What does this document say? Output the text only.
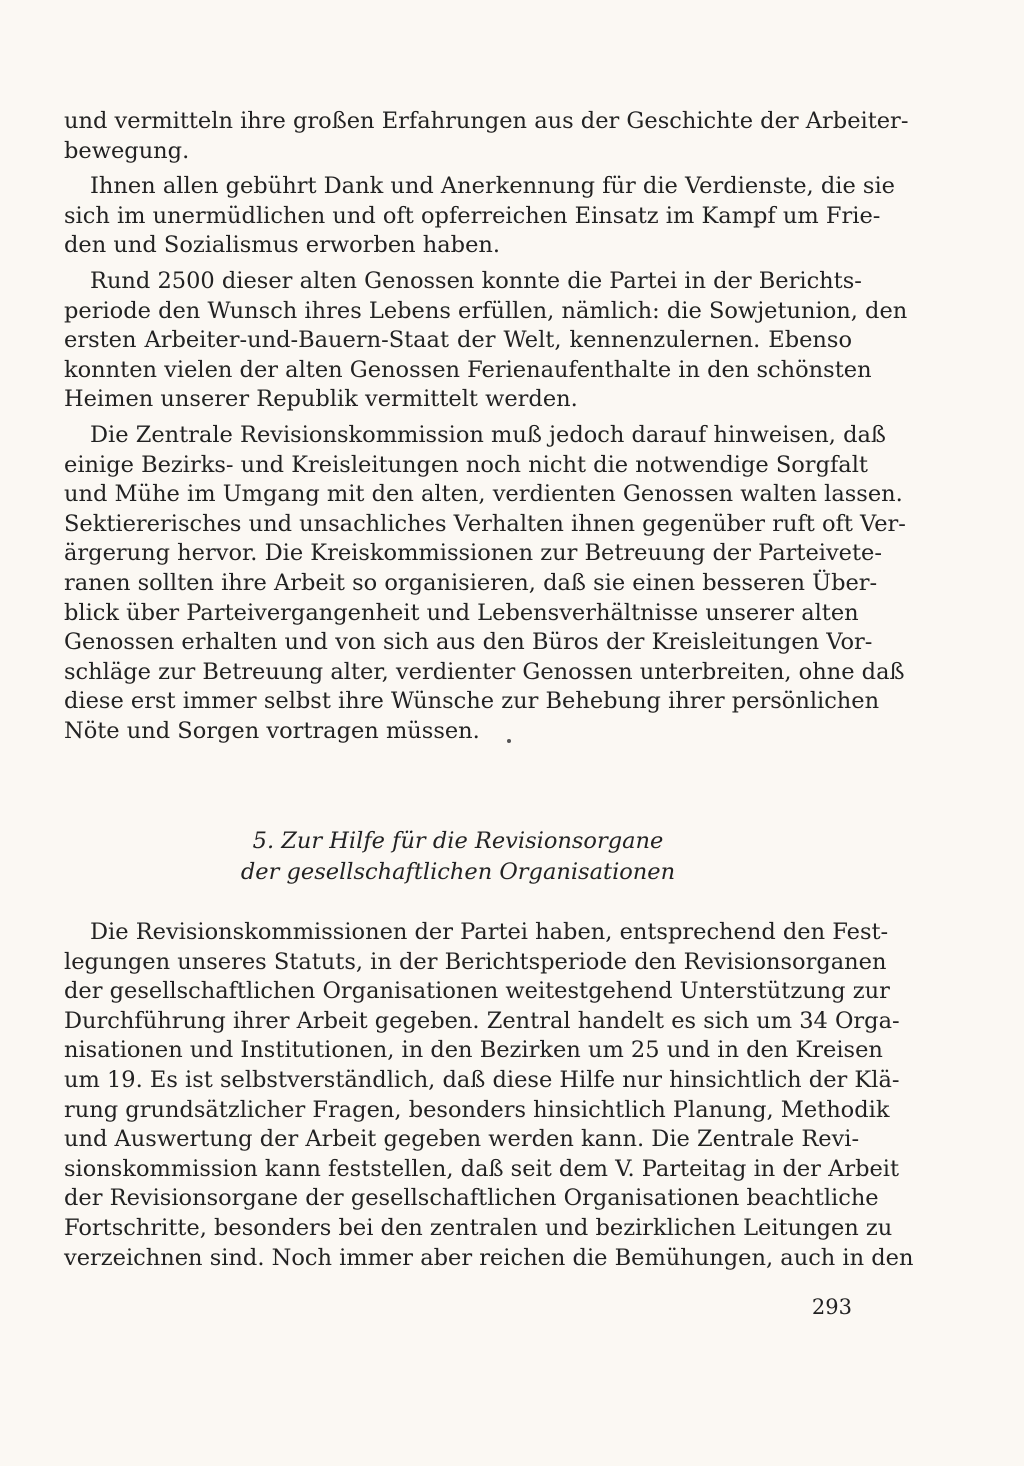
und vermitteln ihre großen Erfahrungen aus der Geschichte der Arbeiter-
bewegung.
Ihnen allen gebührt Dank und Anerkennung für die Verdienste, die sie
sich im unermüdlichen und oft opferreichen Einsatz im Kampf um Frie-
den und Sozialismus erworben haben.
Rund 2500 dieser alten Genossen konnte die Partei in der Berichts-
periode den Wunsch ihres Lebens erfüllen, nämlich: die Sowjetunion, den
ersten Arbeiter-und-Bauern-Staat der Welt, kennenzulernen. Ebenso
konnten vielen der alten Genossen Ferienaufenthalte in den schönsten
Heimen unserer Republik vermittelt werden.
Die Zentrale Revisionskommission muß jedoch darauf hinweisen, daß
einige Bezirks- und Kreisleitungen noch nicht die notwendige Sorgfalt
und Mühe im Umgang mit den alten, verdienten Genossen walten lassen.
Sektiererisches und unsachliches Verhalten ihnen gegenüber ruft oft Ver-
ärgerung hervor. Die Kreiskommissionen zur Betreuung der Parteivete-
ranen sollten ihre Arbeit so organisieren, daß sie einen besseren Über-
blick über Parteivergangenheit und Lebensverhältnisse unserer alten
Genossen erhalten und von sich aus den Büros der Kreisleitungen Vor-
schläge zur Betreuung alter, verdienter Genossen unterbreiten, ohne daß
diese erst immer selbst ihre Wünsche zur Behebung ihrer persönlichen
Nöte und Sorgen vortragen müssen.
5. Zur Hilfe für die Revisionsorgane
der gesellschaftlichen Organisationen
Die Revisionskommissionen der Partei haben, entsprechend den Fest-
legungen unseres Statuts, in der Berichtsperiode den Revisionsorganen
der gesellschaftlichen Organisationen weitestgehend Unterstützung zur
Durchführung ihrer Arbeit gegeben. Zentral handelt es sich um 34 Orga-
nisationen und Institutionen, in den Bezirken um 25 und in den Kreisen
um 19. Es ist selbstverständlich, daß diese Hilfe nur hinsichtlich der Klä-
rung grundsätzlicher Fragen, besonders hinsichtlich Planung, Methodik
und Auswertung der Arbeit gegeben werden kann. Die Zentrale Revi-
sionskommission kann feststellen, daß seit dem V. Parteitag in der Arbeit
der Revisionsorgane der gesellschaftlichen Organisationen beachtliche
Fortschritte, besonders bei den zentralen und bezirklichen Leitungen zu
verzeichnen sind. Noch immer aber reichen die Bemühungen, auch in den
293
